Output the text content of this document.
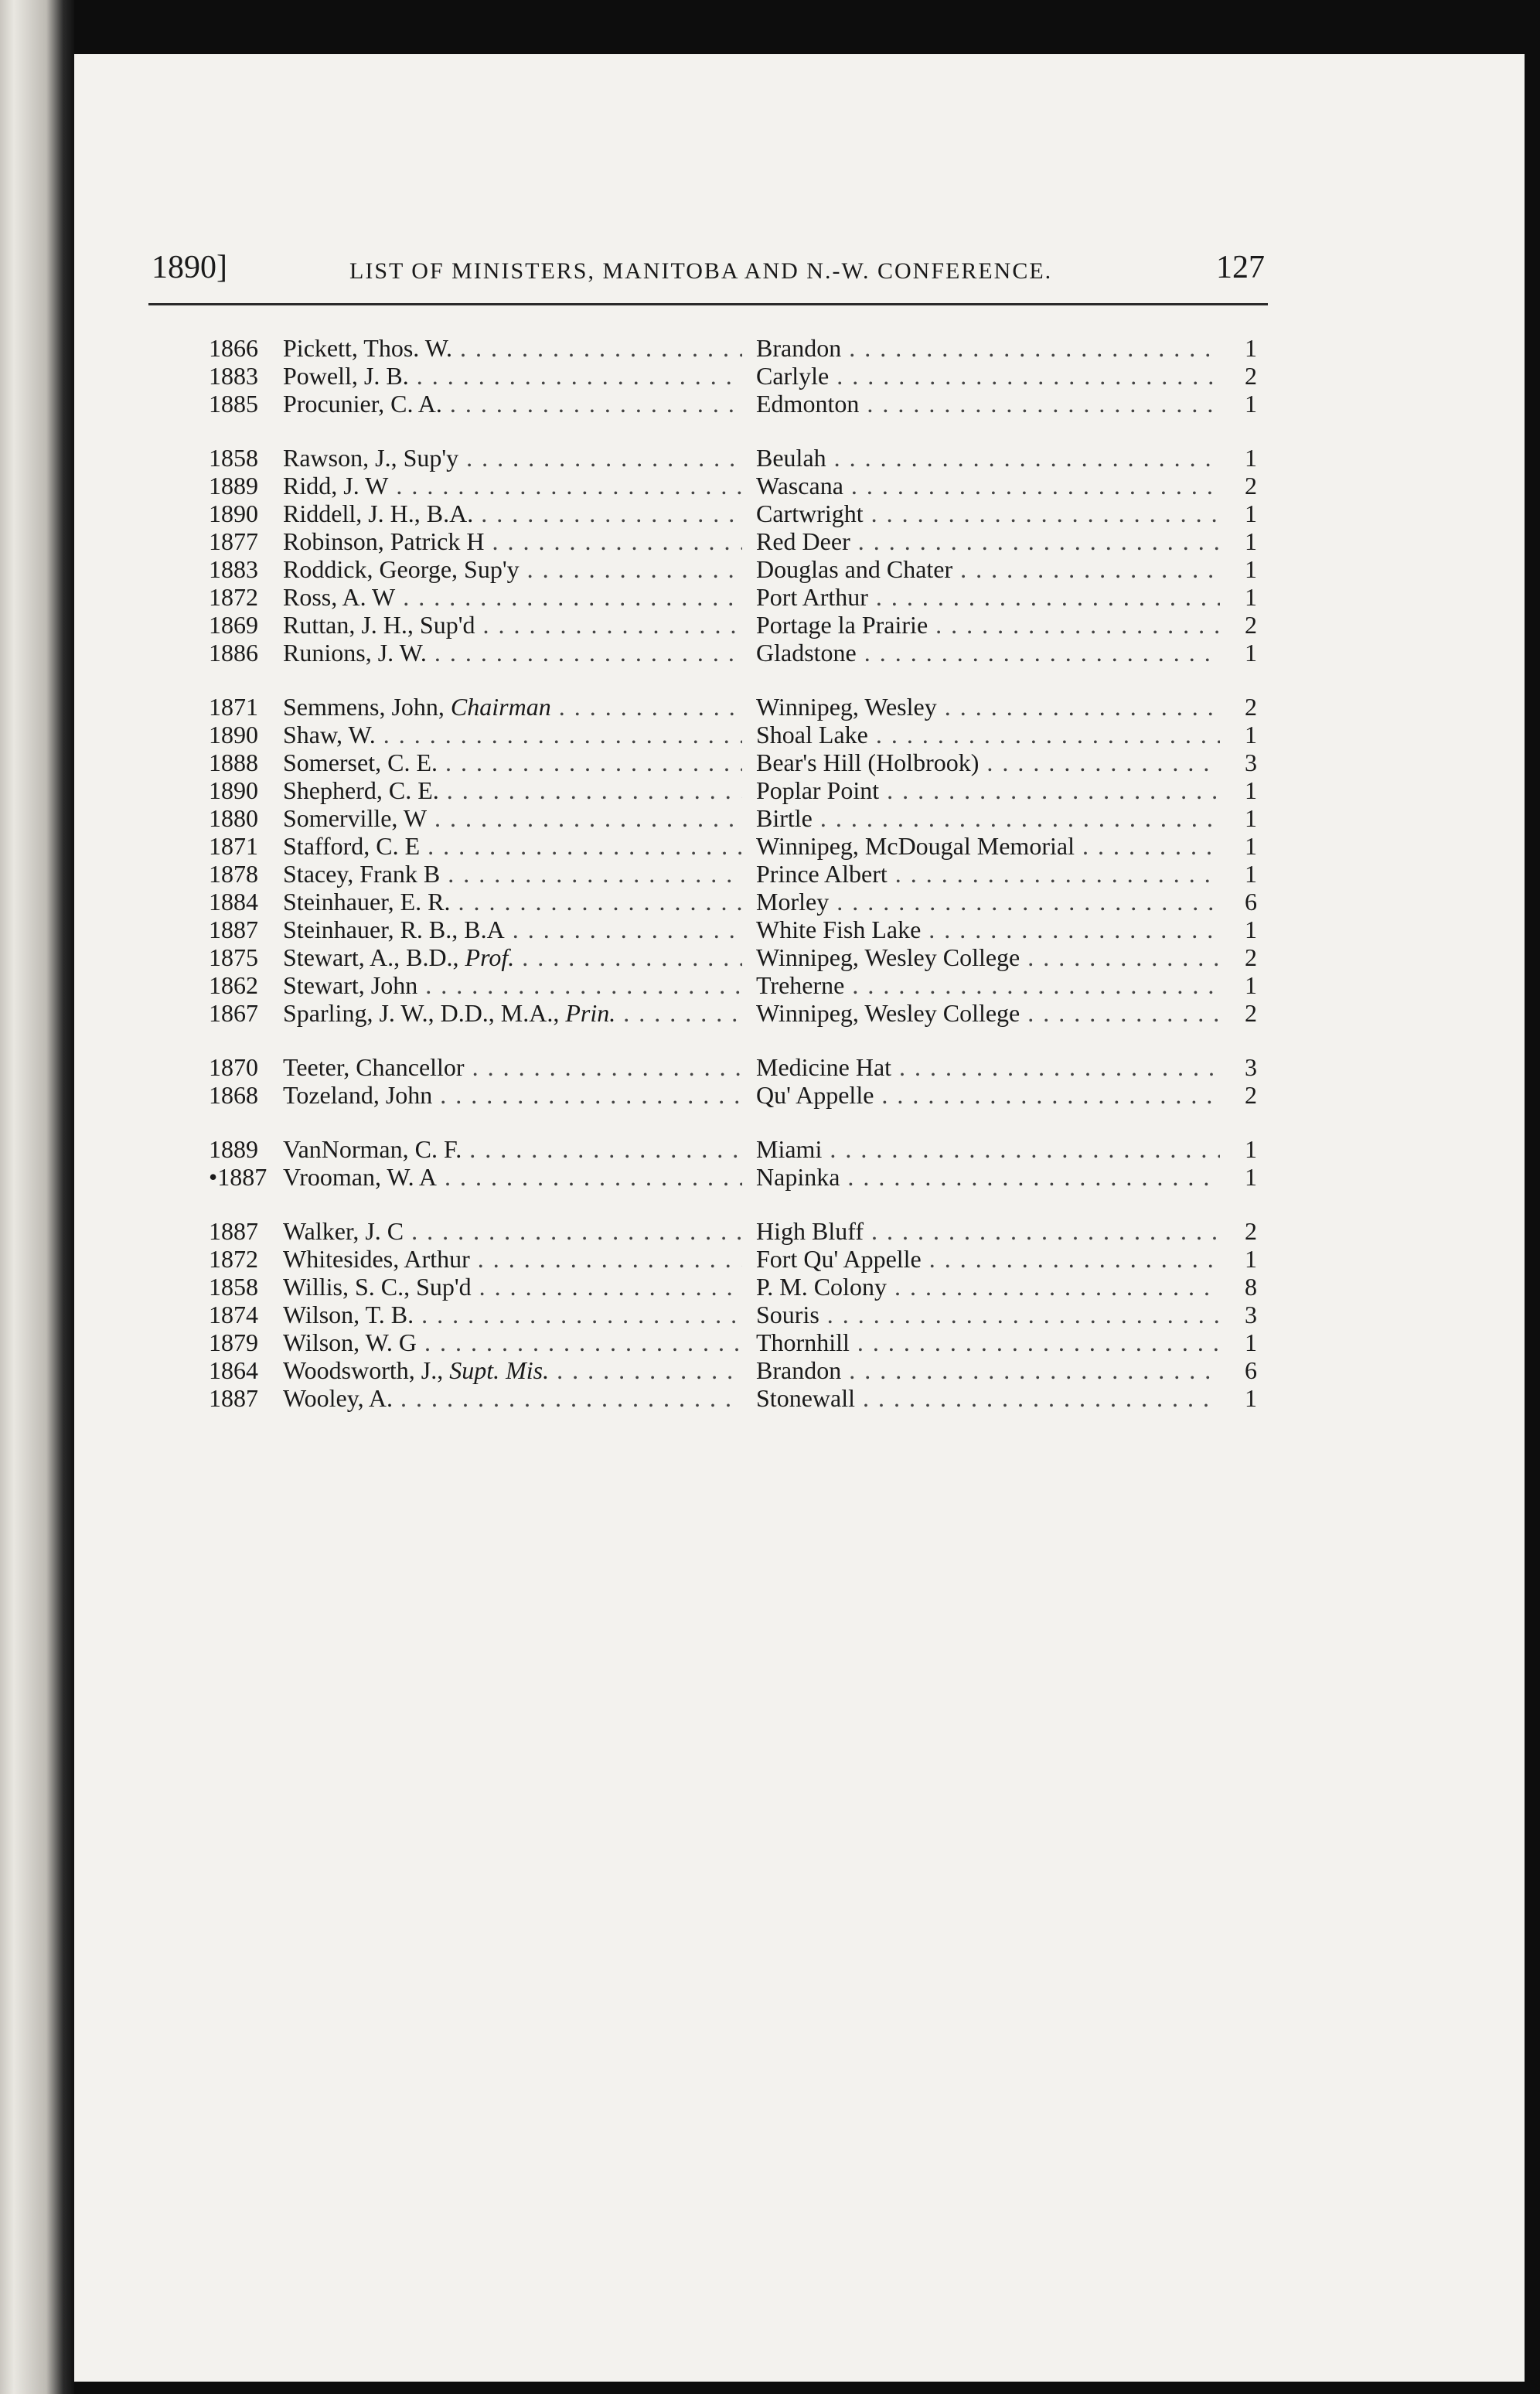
1890]	LIST OF MINISTERS, MANITOBA AND N.-W. CONFERENCE.	127
1866	Pickett, Thos. W. . . .	Brandon . . .	1
1883	Powell, J. B. . . .	Carlyle . . .	2
1885	Procunier, C. A. . . .	Edmonton . . .	1
1858	Rawson, J., Sup'y . . .	Beulah . . .	1
1889	Ridd, J. W . . .	Wascana . . .	2
1890	Riddell, J. H., B.A. . . .	Cartwright . . .	1
1877	Robinson, Patrick H . . .	Red Deer . . .	1
1883	Roddick, George, Sup'y . . .	Douglas and Chater . . .	1
1872	Ross, A. W . . .	Port Arthur . . .	1
1869	Ruttan, J. H., Sup'd . . .	Portage la Prairie . . .	2
1886	Runions, J. W. . . .	Gladstone . . .	1
1871	Semmens, John, Chairman . . .	Winnipeg, Wesley . . .	2
1890	Shaw, W. . . .	Shoal Lake . . .	1
1888	Somerset, C. E. . . .	Bear's Hill (Holbrook) . . .	3
1890	Shepherd, C. E. . . .	Poplar Point . . .	1
1880	Somerville, W . . .	Birtle . . .	1
1871	Stafford, C. E . . .	Winnipeg, McDougal Memorial . . .	1
1878	Stacey, Frank B . . .	Prince Albert . . .	1
1884	Steinhauer, E. R. . . .	Morley . . .	6
1887	Steinhauer, R. B., B.A . . .	White Fish Lake . . .	1
1875	Stewart, A., B.D., Prof. . . .	Winnipeg, Wesley College . . .	2
1862	Stewart, John . . .	Treherne . . .	1
1867	Sparling, J. W., D.D., M.A., Prin. . . .	Winnipeg, Wesley College . . .	2
1870	Teeter, Chancellor . . .	Medicine Hat . . .	3
1868	Tozeland, John . . .	Qu' Appelle . . .	2
1889	VanNorman, C. F. . . .	Miami . . .	1
•1887 Vrooman, W. A . . .	Napinka . . .	1
1887	Walker, J. C . . .	High Bluff . . .	2
1872	Whitesides, Arthur . . .	Fort Qu' Appelle . . .	1
1858	Willis, S. C., Sup'd . . .	P. M. Colony . . .	8
1874	Wilson, T. B. . . .	Souris . . .	3
1879	Wilson, W. G . . .	Thornhill . . .	1
1864	Woodsworth, J., Supt. Mis. . . .	Brandon . . .	6
1887	Wooley, A. . . .	Stonewall . . .	1
